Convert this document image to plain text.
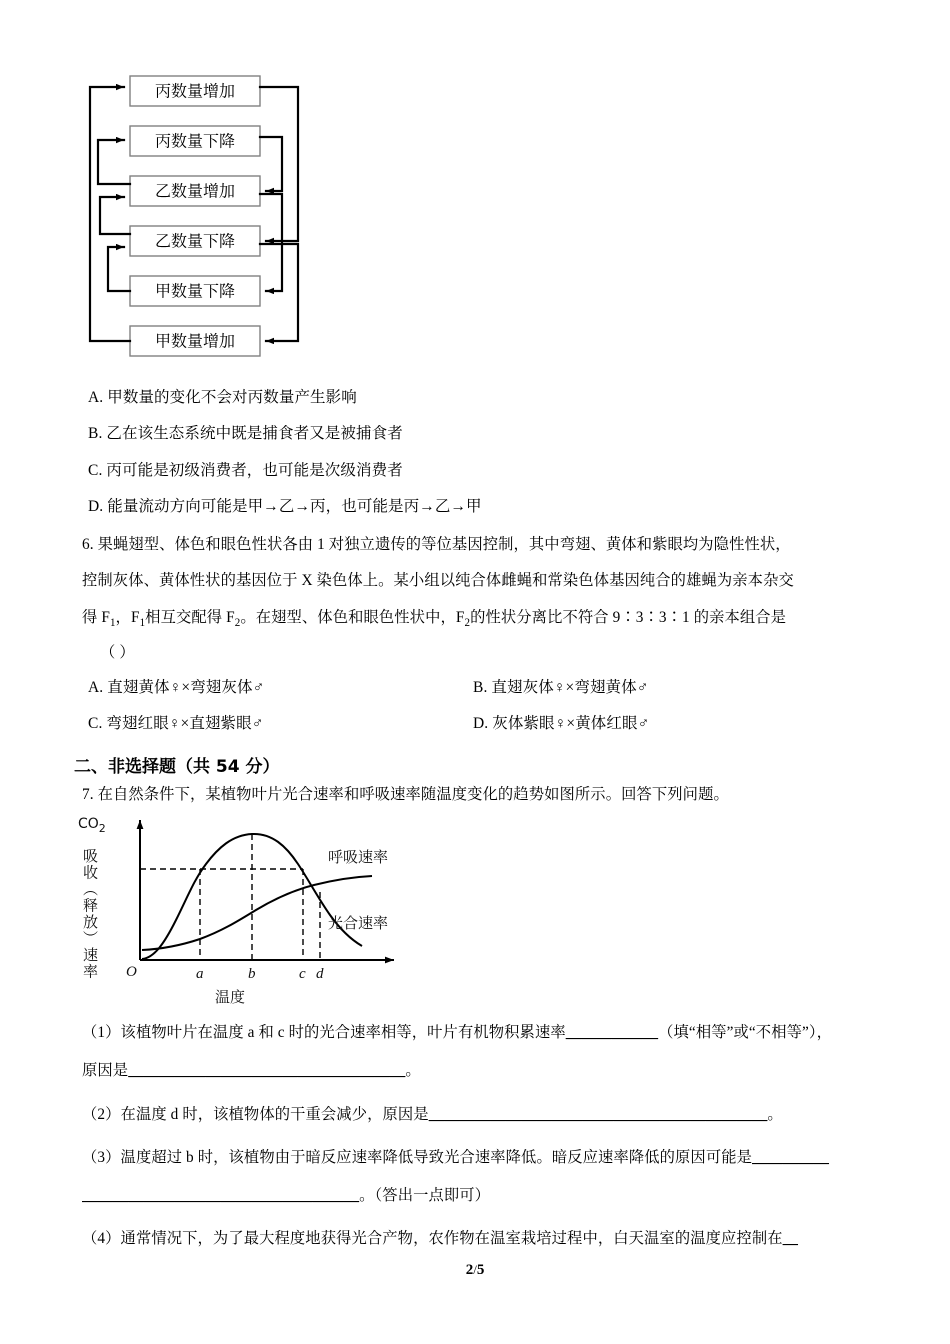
丙数量增加
丙数量下降
乙数量增加
乙数量下降
甲数量下降
甲数量增加
A. 甲数量的变化不会对丙数量产生影响
B. 乙在该生态系统中既是捕食者又是被捕食者
C. 丙可能是初级消费者，也可能是次级消费者
D. 能量流动方向可能是甲→乙→丙，也可能是丙→乙→甲
6. 果蝇翅型、体色和眼色性状各由 1 对独立遗传的等位基因控制，其中弯翅、黄体和紫眼均为隐性性状，
控制灰体、黄体性状的基因位于 X 染色体上。某小组以纯合体雌蝇和常染色体基因纯合的雄蝇为亲本杂交
得 $F_1$，$F_1$相互交配得 $F_2$。在翅型、体色和眼色性状中，$F_2$的性状分离比不符合 9∶3∶3∶1 的亲本组合是
（ ）
A. 直翅黄体♀×弯翅灰体♂	B. 直翅灰体♀×弯翅黄体♂
C. 弯翅红眼♀×直翅紫眼♂	D. 灰体紫眼♀×黄体红眼♂
二、非选择题（共 54 分）
7. 在自然条件下，某植物叶片光合速率和呼吸速率随温度变化的趋势如图所示。回答下列问题。
$CO_2$
吸收（释放）速率 O
呼吸速率
光合速率
a	b	c d
温度
（1）该植物叶片在温度 a 和 c 时的光合速率相等，叶片有机物积累速率＿＿＿＿＿＿（填“相等”或“不相等”），
原因是＿＿＿＿＿＿＿＿＿＿＿＿＿＿＿＿＿＿。
（2）在温度 d 时，该植物体的干重会减少，原因是＿＿＿＿＿＿＿＿＿＿＿＿＿＿＿＿＿＿＿＿＿＿。
（3）温度超过 b 时，该植物由于暗反应速率降低导致光合速率降低。暗反应速率降低的原因可能是＿＿＿＿＿
＿＿＿＿＿＿＿＿＿＿＿＿＿＿＿＿＿＿。（答出一点即可）
（4）通常情况下，为了最大程度地获得光合产物，农作物在温室栽培过程中，白天温室的温度应控制在＿
2/5
